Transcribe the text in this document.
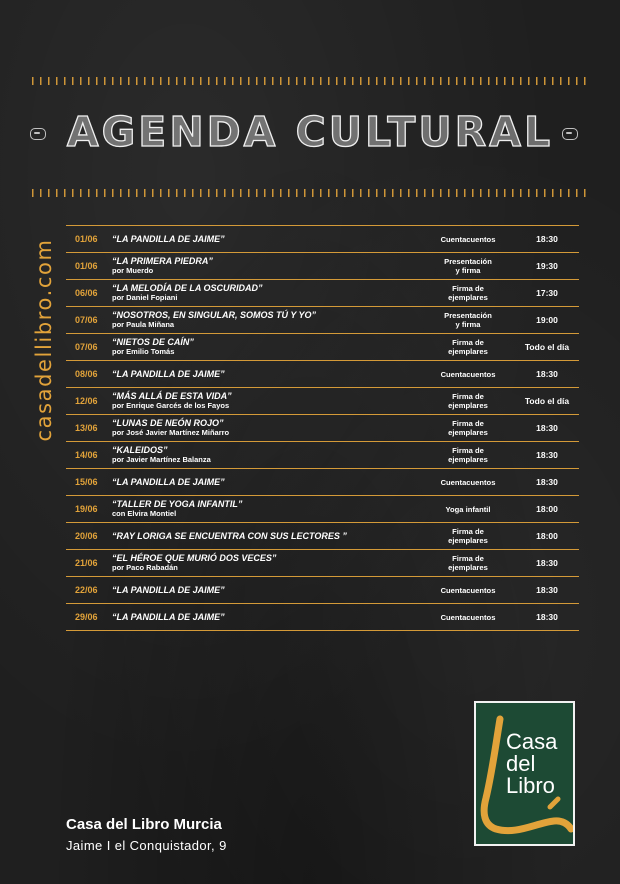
AGENDA CULTURAL
casadellibro.com	01/06	“LA PANDILLA DE JAIME”	Cuentacuentos	18:30
01/06	“LA PRIMERA PIEDRA”
por Muerdo
Presentación
y firma	19:30
06/06	“LA MELODÍA DE LA OSCURIDAD”
por Daniel Fopiani
Firma de
ejemplares	17:30
07/06	“NOSOTROS, EN SINGULAR, SOMOS TÚ Y YO”
por Paula Miñana
Presentación
y firma	19:00
07/06	“NIETOS DE CAÍN”
por Emilio Tomás
Firma de
ejemplares	Todo el día
08/06	“LA PANDILLA DE JAIME”	Cuentacuentos	18:30
12/06	“MÁS ALLÁ DE ESTA VIDA”
por Enrique Garcés de los Fayos
Firma de
ejemplares	Todo el día
13/06	“LUNAS DE NEÓN ROJO”
por José Javier Martínez Miñarro
Firma de
ejemplares	18:30
14/06	“KALEIDOS”
por Javier Martínez Balanza
Firma de
ejemplares	18:30
15/06	“LA PANDILLA DE JAIME”	Cuentacuentos	18:30
19/06	“TALLER DE YOGA INFANTIL”
con Elvira Montiel	Yoga infantil	18:00
20/06	“RAY LORIGA SE ENCUENTRA CON SUS LECTORES ”	Firma de
ejemplares	18:00
21/06	“EL HÉROE QUE MURIÓ DOS VECES”
por Paco Rabadán
Firma de
ejemplares	18:30
22/06	“LA PANDILLA DE JAIME”	Cuentacuentos	18:30
29/06	“LA PANDILLA DE JAIME”	Cuentacuentos	18:30
Casa del Libro Murcia
Jaime I el Conquistador, 9
Casa
del
Libro
